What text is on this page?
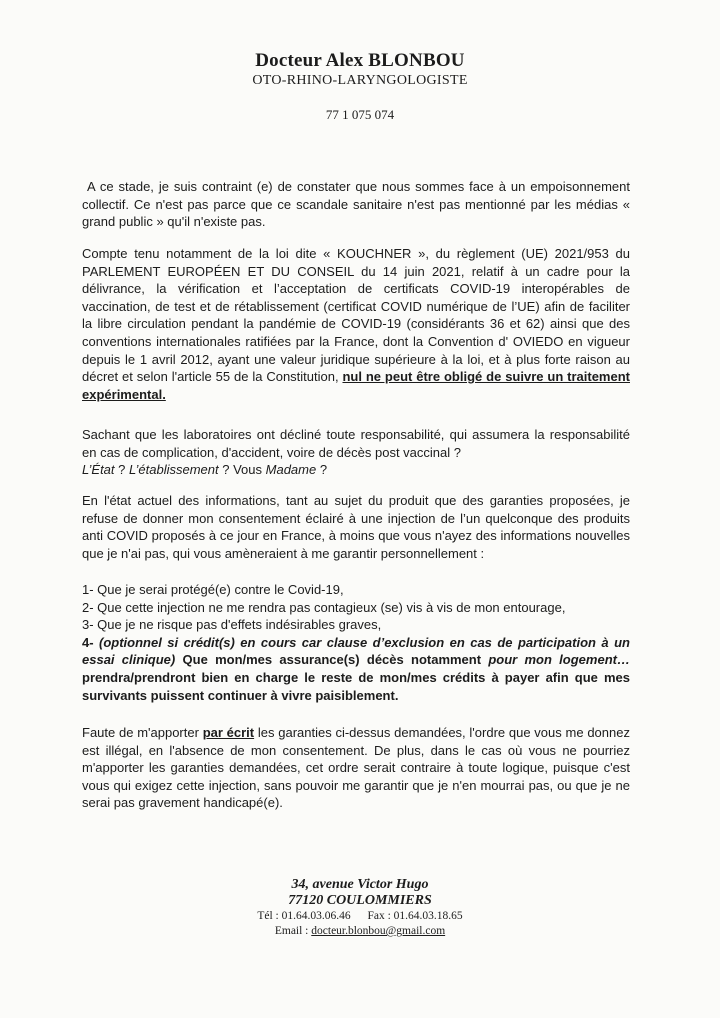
Docteur Alex BLONBOU
OTO-RHINO-LARYNGOLOGISTE
77 1 075 074

A ce stade, je suis contraint (e) de constater que nous sommes face à un empoisonnement collectif. Ce n'est pas parce que ce scandale sanitaire n'est pas mentionné par les médias « grand public » qu'il n'existe pas.

Compte tenu notamment de la loi dite « KOUCHNER », du règlement (UE) 2021/953 du PARLEMENT EUROPÉEN ET DU CONSEIL du 14 juin 2021, relatif à un cadre pour la délivrance, la vérification et l’acceptation de certificats COVID-19 interopérables de vaccination, de test et de rétablissement (certificat COVID numérique de l’UE) afin de faciliter la libre circulation pendant la pandémie de COVID-19 (considérants 36 et 62) ainsi que des conventions internationales ratifiées par la France, dont la Convention d' OVIEDO en vigueur depuis le 1 avril 2012, ayant une valeur juridique supérieure à la loi, et à plus forte raison au décret et selon l'article 55 de la Constitution, nul ne peut être obligé de suivre un traitement expérimental.

Sachant que les laboratoires ont décliné toute responsabilité, qui assumera la responsabilité en cas de complication, d'accident, voire de décès post vaccinal ?
L’État ? L’établissement ? Vous Madame ?

En l'état actuel des informations, tant au sujet du produit que des garanties proposées, je refuse de donner mon consentement éclairé à une injection de l’un quelconque des produits anti COVID proposés à ce jour en France, à moins que vous n'ayez des informations nouvelles que je n'ai pas, qui vous amèneraient à me garantir personnellement :

1- Que je serai protégé(e) contre le Covid-19,
2- Que cette injection ne me rendra pas contagieux (se) vis à vis de mon entourage,
3- Que je ne risque pas d'effets indésirables graves,
4- (optionnel si crédit(s) en cours car clause d’exclusion en cas de participation à un essai clinique) Que mon/mes assurance(s) décès notamment pour mon logement… prendra/prendront bien en charge le reste de mon/mes crédits à payer afin que mes survivants puissent continuer à vivre paisiblement.

Faute de m'apporter par écrit les garanties ci-dessus demandées, l'ordre que vous me donnez est illégal, en l'absence de mon consentement. De plus, dans le cas où vous ne pourriez m'apporter les garanties demandées, cet ordre serait contraire à toute logique, puisque c'est vous qui exigez cette injection, sans pouvoir me garantir que je n'en mourrai pas, ou que je ne serai pas gravement handicapé(e).

34, avenue Victor Hugo
77120 COULOMMIERS
Tél : 01.64.03.06.46 Fax : 01.64.03.18.65
Email : docteur.blonbou@gmail.com
